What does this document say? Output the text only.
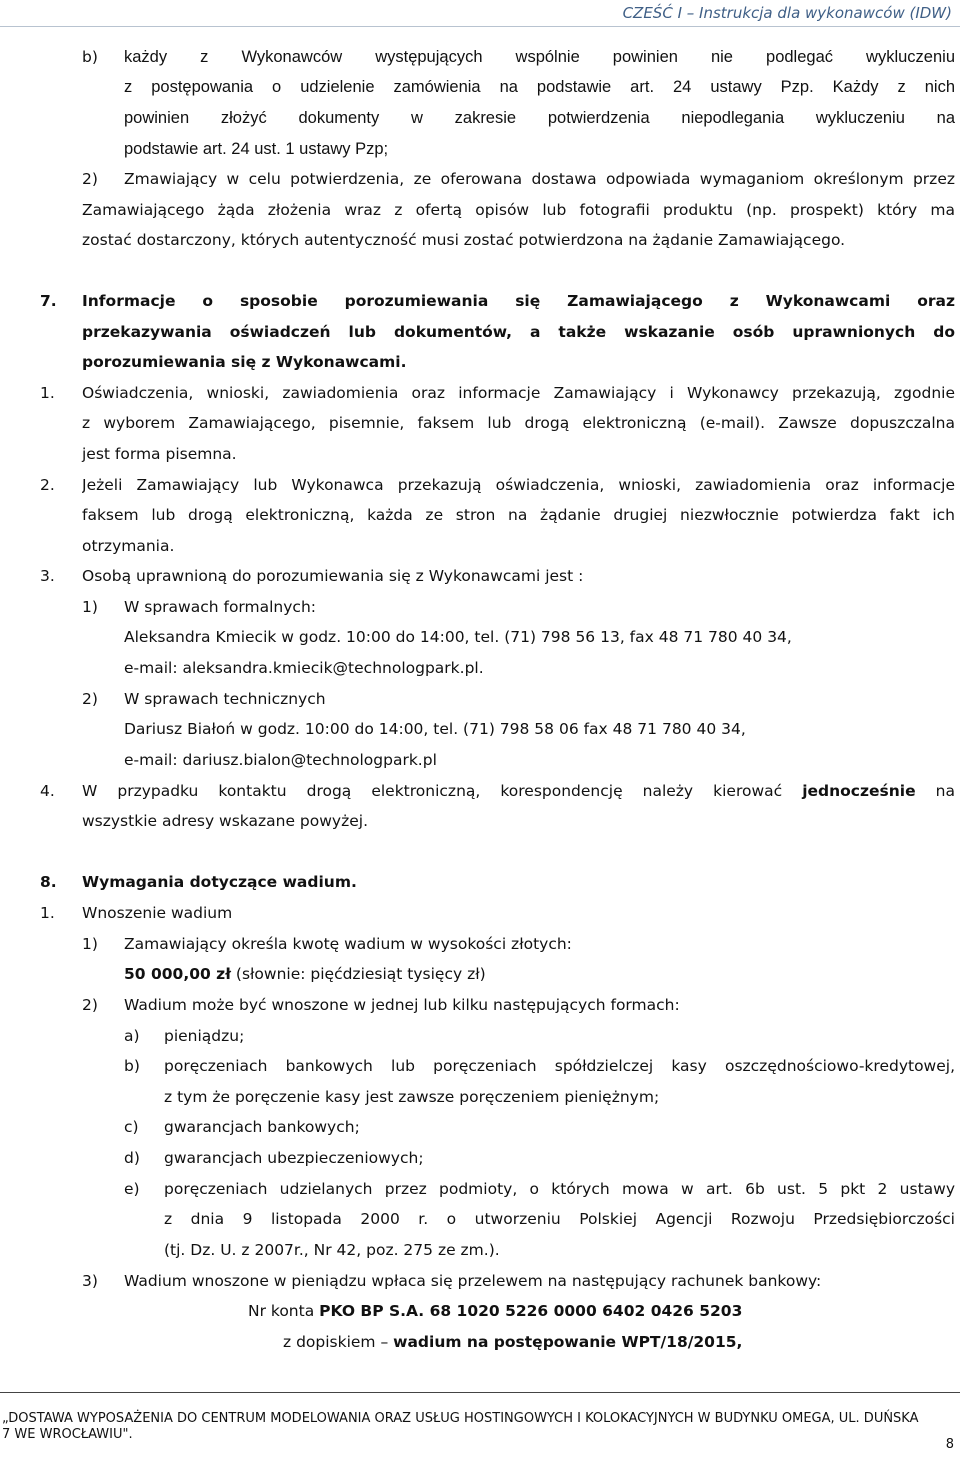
CZEŚĆ I – Instrukcja dla wykonawców (IDW)
b) każdy z Wykonawców występujących wspólnie powinien nie podlegać wykluczeniu
z postępowania o udzielenie zamówienia na podstawie art. 24 ustawy Pzp. Każdy z nich
powinien złożyć dokumenty w zakresie potwierdzenia niepodlegania wykluczeniu na
podstawie art. 24 ust. 1 ustawy Pzp;
2) Zmawiający w celu potwierdzenia, ze oferowana dostawa odpowiada wymaganiom określonym przez
Zamawiającego żąda złożenia wraz z ofertą opisów lub fotografii produktu (np. prospekt) który ma
zostać dostarczony, których autentyczność musi zostać potwierdzona na żądanie Zamawiającego.
7. Informacje o sposobie porozumiewania się Zamawiającego z Wykonawcami oraz
przekazywania oświadczeń lub dokumentów, a także wskazanie osób uprawnionych do
porozumiewania się z Wykonawcami.
1. Oświadczenia, wnioski, zawiadomienia oraz informacje Zamawiający i Wykonawcy przekazują, zgodnie
z wyborem Zamawiającego, pisemnie, faksem lub drogą elektroniczną (e-mail). Zawsze dopuszczalna
jest forma pisemna.
2. Jeżeli Zamawiający lub Wykonawca przekazują oświadczenia, wnioski, zawiadomienia oraz informacje
faksem lub drogą elektroniczną, każda ze stron na żądanie drugiej niezwłocznie potwierdza fakt ich
otrzymania.
3. Osobą uprawnioną do porozumiewania się z Wykonawcami jest :
1) W sprawach formalnych:
Aleksandra Kmiecik w godz. 10:00 do 14:00, tel. (71) 798 56 13, fax 48 71 780 40 34,
e-mail: aleksandra.kmiecik@technologpark.pl.
2) W sprawach technicznych
Dariusz Białoń w godz. 10:00 do 14:00, tel. (71) 798 58 06 fax 48 71 780 40 34,
e-mail: dariusz.bialon@technologpark.pl
4. W przypadku kontaktu drogą elektroniczną, korespondencję należy kierować jednocześnie na
wszystkie adresy wskazane powyżej.
8. Wymagania dotyczące wadium.
1. Wnoszenie wadium
1) Zamawiający określa kwotę wadium w wysokości złotych:
50 000,00 zł (słownie: pięćdziesiąt tysięcy zł)
2) Wadium może być wnoszone w jednej lub kilku następujących formach:
a) pieniądzu;
b) poręczeniach bankowych lub poręczeniach spółdzielczej kasy oszczędnościowo-kredytowej,
z tym że poręczenie kasy jest zawsze poręczeniem pieniężnym;
c) gwarancjach bankowych;
d) gwarancjach ubezpieczeniowych;
e) poręczeniach udzielanych przez podmioty, o których mowa w art. 6b ust. 5 pkt 2 ustawy
z dnia 9 listopada 2000 r. o utworzeniu Polskiej Agencji Rozwoju Przedsiębiorczości
(tj. Dz. U. z 2007r., Nr 42, poz. 275 ze zm.).
3) Wadium wnoszone w pieniądzu wpłaca się przelewem na następujący rachunek bankowy:
Nr konta PKO BP S.A. 68 1020 5226 0000 6402 0426 5203
z dopiskiem – wadium na postępowanie WPT/18/2015,
„DOSTAWA WYPOSAŻENIA DO CENTRUM MODELOWANIA ORAZ USŁUG HOSTINGOWYCH I KOLOKACYJNYCH W BUDYNKU OMEGA, UL. DUŃSKA
7 WE WROCŁAWIU".
8
